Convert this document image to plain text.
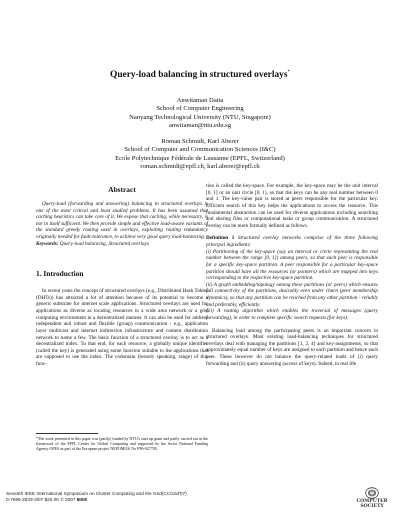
Query-load balancing in structured overlays*
Anwitaman Datta
School of Computer Engineering
Nanyang Technological University (NTU, Singapore)
anwitaman@ntu.edu.sg
Roman Schmidt, Karl Aberer
School of Computer and Communication Sciences (I&C)
Ecole Polytechnique Fédérale de Lausanne (EPFL, Switzerland)
roman.schmidt@epfl.ch, karl.aberer@epfl.ch
Abstract

Query-load (forwarding and answering) balancing in structured overlays is one of the most critical and least studied problems. It has been assumed that caching heuristics can take care of it. We expose that caching, while necessary, is not in itself sufficient. We then provide simple and effective load-aware variants of the standard greedy routing used in overlays, exploiting routing redundancy originally needed for fault-tolerance, to achieve very good query load-balancing.

Keywords: Query-load balancing, Structured overlays

1. Introduction

In recent years the concept of structured overlays (e.g., Distributed Hash Tables (DHTs)) has attracted a lot of attention because of its potential to become a generic substrate for internet scale applications. Structured overlays are used for applications as diverse as locating resources in a wide area network or a grid computing environment in a decentralized manner. It can also be used for address independent and robust and flexible (group) communication - e.g., application layer multicast and internet indirection infrastructure and content distribution network to name a few. The basic function of a structured overlay is to act as a decentralized index. To that end, for each resource, a globally unique identifier (called the key) is generated using some function suitable to the applications that are supposed to use the index. The codomain (loosely speaking, range) of this func-

*The work presented in this paper was (partly) funded by NTU's start up grant and partly carried out in the framework of the EPFL Center for Global Computing and supported by the Swiss National Funding Agency OFES as part of the European project NEPOMUK No FP6-027705.

tion is called the key-space. For example, the key-space may be the unit interval [0, 1] or an unit circle [0, 1), so that the keys can be any real number between 0 and 1. The key-value pair is stored at peers responsible for the particular key. Efficient search of this key helps the applications to access the resource. This fundamental abstraction can be used for diverse applications including searching and sharing files or computational tasks or group communication. A structured overlay can be more formally defined as follows.

Definition 1 Structured overlay networks comprise of the three following principal ingredients:
(i) Partitioning of the key-space (say an interval or circle representing the real number between the range [0, 1]) among peers, so that each peer is responsible for a specific key-space partition. A peer responsible for a particular key-space partition should have all the resources (or pointers) which are mapped into keys corresponding to the respective key-space partition.
(ii) A graph embedding/topology among these partitions (or peers) which ensures full connectivity of the partitions, desirably even under churn (peer membership dynamics), so that any partition can be reached from any other partition - reliably and preferably, efficiently.
(iii) A routing algorithm which enables the traversal of messages (query forwarding), in order to complete specific search requests (for keys).

Balancing load among the participating peers is an important concern in structured overlays. Most existing load-balancing techniques for structured overlays deal with managing the partitions [1, 2, 4] and key-assignments, so that approximately equal number of keys are assigned to each partition and hence each peer. These however do not balance the query-related loads of (i) query forwarding and (ii) query answering (access of keys). Indeed, in real life

Seventh IEEE International Symposium on Cluster Computing and the Grid(CCGrid'07)
0-7695-2833-3/07 $20.00 © 2007 IEEE	COMPUTER
SOCIETY
